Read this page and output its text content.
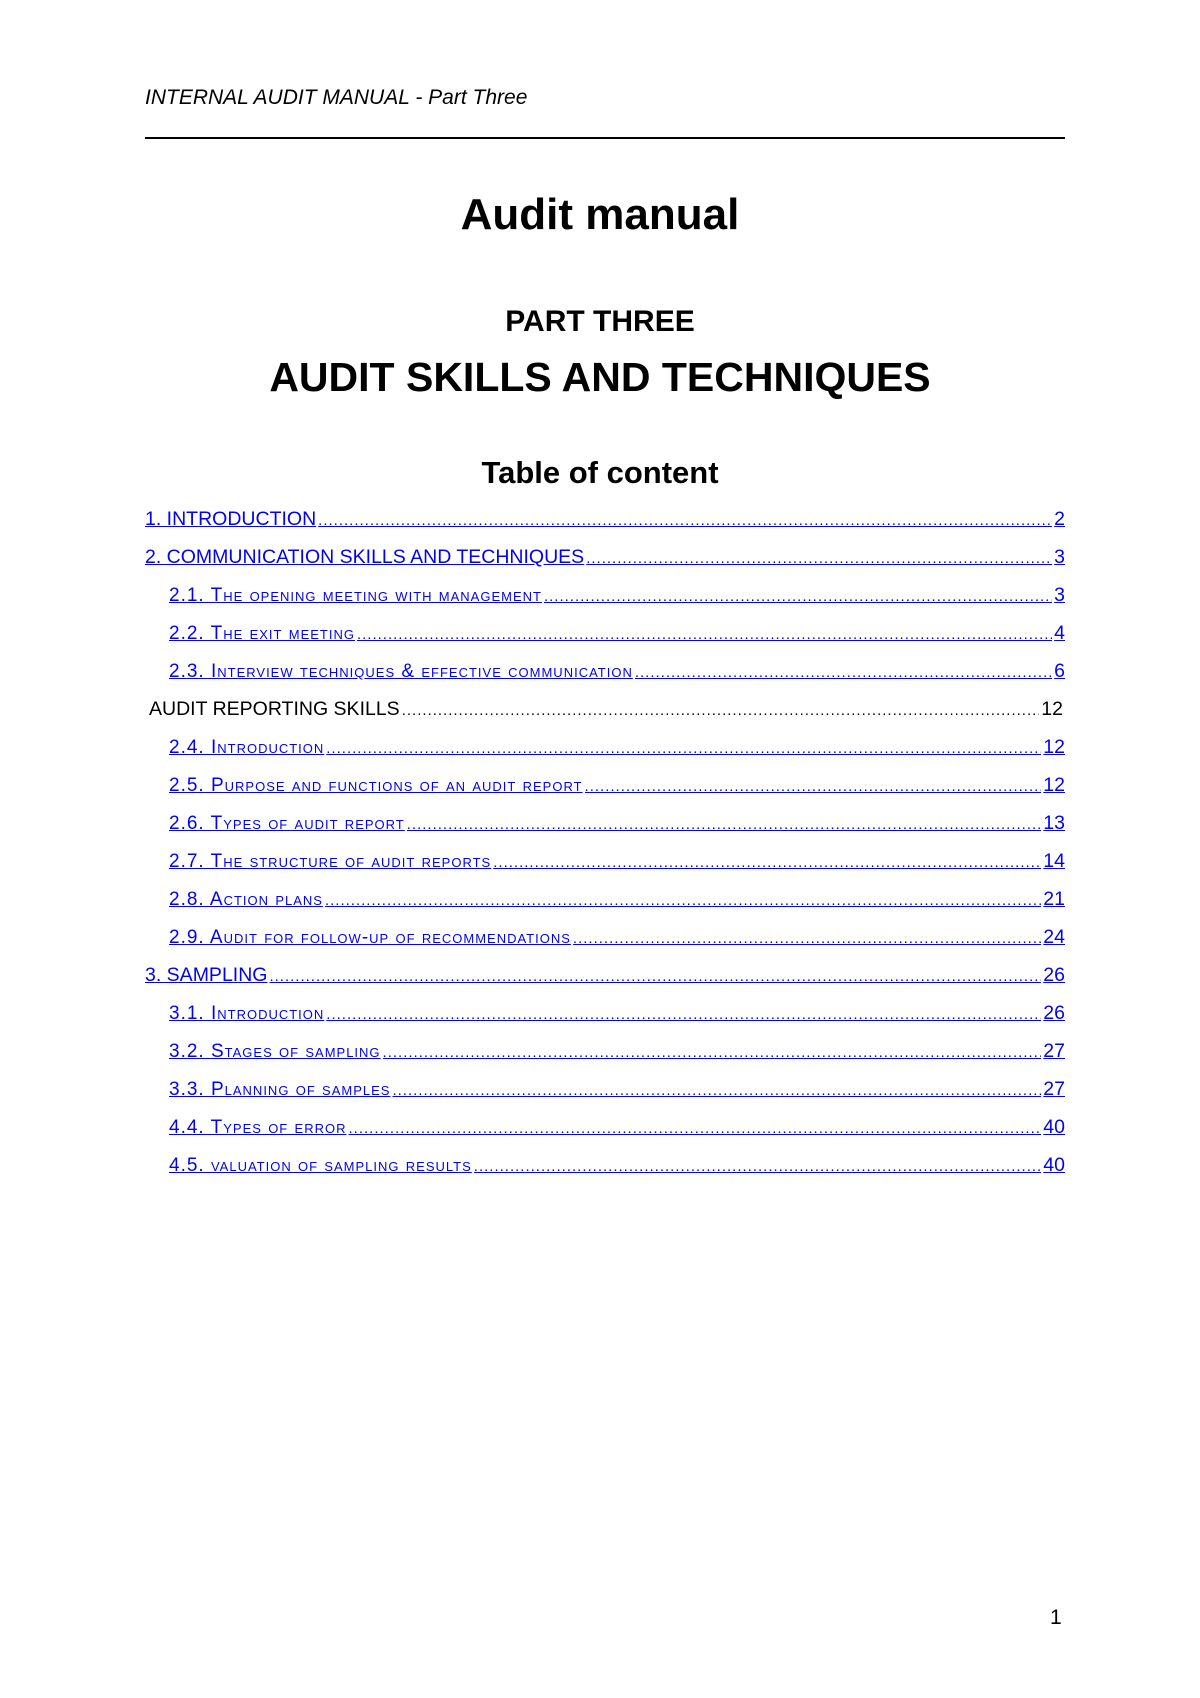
INTERNAL AUDIT MANUAL - Part Three
Audit manual
PART THREE
AUDIT SKILLS AND TECHNIQUES
Table of content
1. INTRODUCTION .....	2
2. COMMUNICATION SKILLS AND TECHNIQUES .....	3
2.1. The opening meeting with management .....	3
2.2. The exit meeting .....	4
2.3. Interview techniques & effective communication .....	6
AUDIT REPORTING SKILLS .....	12
2.4. Introduction .....	12
2.5. Purpose and functions of an audit report .....	12
2.6. Types of audit report .....	13
2.7. The structure of audit reports .....	14
2.8. Action plans .....	21
2.9. Audit for follow-up of recommendations .....	24
3. SAMPLING .....	26
3.1. Introduction .....	26
3.2. Stages of sampling .....	27
3.3. Planning of samples .....	27
4.4. Types of error .....	40
4.5. valuation of sampling results .....	40
1
